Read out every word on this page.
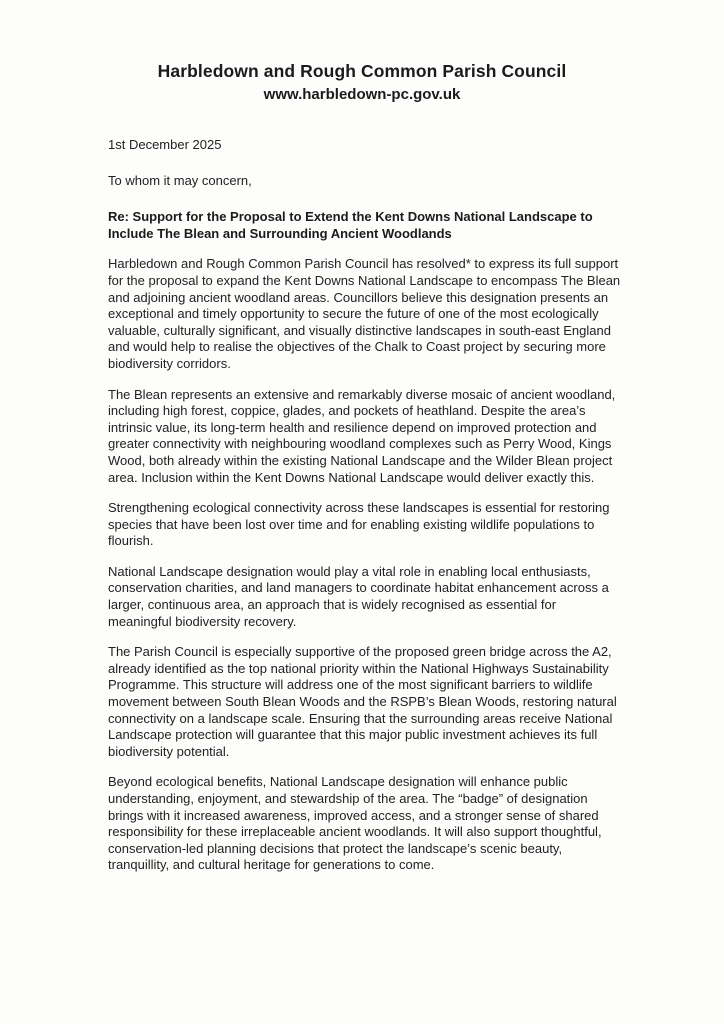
Harbledown and Rough Common Parish Council
www.harbledown-pc.gov.uk

1st December 2025

To whom it may concern,

Re: Support for the Proposal to Extend the Kent Downs National Landscape to Include The Blean and Surrounding Ancient Woodlands

Harbledown and Rough Common Parish Council has resolved* to express its full support for the proposal to expand the Kent Downs National Landscape to encompass The Blean and adjoining ancient woodland areas. Councillors believe this designation presents an exceptional and timely opportunity to secure the future of one of the most ecologically valuable, culturally significant, and visually distinctive landscapes in south-east England and would help to realise the objectives of the Chalk to Coast project by securing more biodiversity corridors.

The Blean represents an extensive and remarkably diverse mosaic of ancient woodland, including high forest, coppice, glades, and pockets of heathland. Despite the area’s intrinsic value, its long-term health and resilience depend on improved protection and greater connectivity with neighbouring woodland complexes such as Perry Wood, Kings Wood, both already within the existing National Landscape and the Wilder Blean project area. Inclusion within the Kent Downs National Landscape would deliver exactly this.

Strengthening ecological connectivity across these landscapes is essential for restoring species that have been lost over time and for enabling existing wildlife populations to flourish.

National Landscape designation would play a vital role in enabling local enthusiasts, conservation charities, and land managers to coordinate habitat enhancement across a larger, continuous area, an approach that is widely recognised as essential for meaningful biodiversity recovery.

The Parish Council is especially supportive of the proposed green bridge across the A2, already identified as the top national priority within the National Highways Sustainability Programme. This structure will address one of the most significant barriers to wildlife movement between South Blean Woods and the RSPB’s Blean Woods, restoring natural connectivity on a landscape scale. Ensuring that the surrounding areas receive National Landscape protection will guarantee that this major public investment achieves its full biodiversity potential.

Beyond ecological benefits, National Landscape designation will enhance public understanding, enjoyment, and stewardship of the area. The “badge” of designation brings with it increased awareness, improved access, and a stronger sense of shared responsibility for these irreplaceable ancient woodlands. It will also support thoughtful, conservation-led planning decisions that protect the landscape’s scenic beauty, tranquillity, and cultural heritage for generations to come.
